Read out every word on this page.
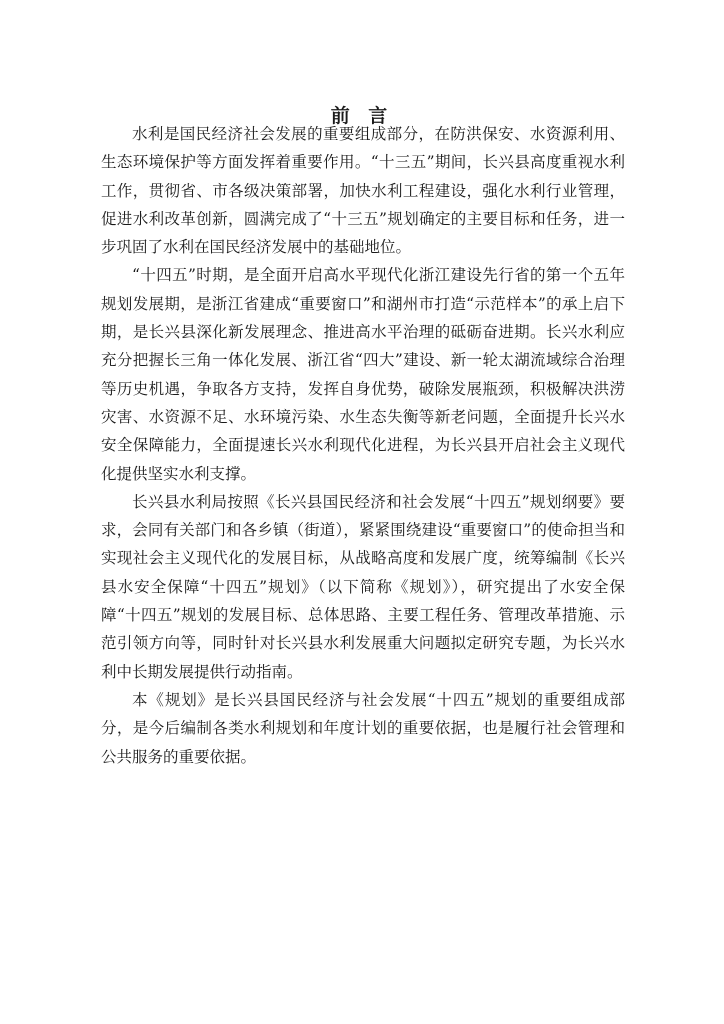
前 言

水利是国民经济社会发展的重要组成部分，在防洪保安、水资源利用、生态环境保护等方面发挥着重要作用。“十三五”期间，长兴县高度重视水利工作，贯彻省、市各级决策部署，加快水利工程建设，强化水利行业管理，促进水利改革创新，圆满完成了“十三五”规划确定的主要目标和任务，进一步巩固了水利在国民经济发展中的基础地位。

“十四五”时期，是全面开启高水平现代化浙江建设先行省的第一个五年规划发展期，是浙江省建成“重要窗口”和湖州市打造“示范样本”的承上启下期，是长兴县深化新发展理念、推进高水平治理的砥砺奋进期。长兴水利应充分把握长三角一体化发展、浙江省“四大”建设、新一轮太湖流域综合治理等历史机遇，争取各方支持，发挥自身优势，破除发展瓶颈，积极解决洪涝灾害、水资源不足、水环境污染、水生态失衡等新老问题，全面提升长兴水安全保障能力，全面提速长兴水利现代化进程，为长兴县开启社会主义现代化提供坚实水利支撑。

长兴县水利局按照《长兴县国民经济和社会发展“十四五”规划纲要》要求，会同有关部门和各乡镇（街道），紧紧围绕建设“重要窗口”的使命担当和实现社会主义现代化的发展目标，从战略高度和发展广度，统筹编制《长兴县水安全保障“十四五”规划》（以下简称《规划》），研究提出了水安全保障“十四五”规划的发展目标、总体思路、主要工程任务、管理改革措施、示范引领方向等，同时针对长兴县水利发展重大问题拟定研究专题，为长兴水利中长期发展提供行动指南。

本《规划》是长兴县国民经济与社会发展“十四五”规划的重要组成部分，是今后编制各类水利规划和年度计划的重要依据，也是履行社会管理和公共服务的重要依据。
